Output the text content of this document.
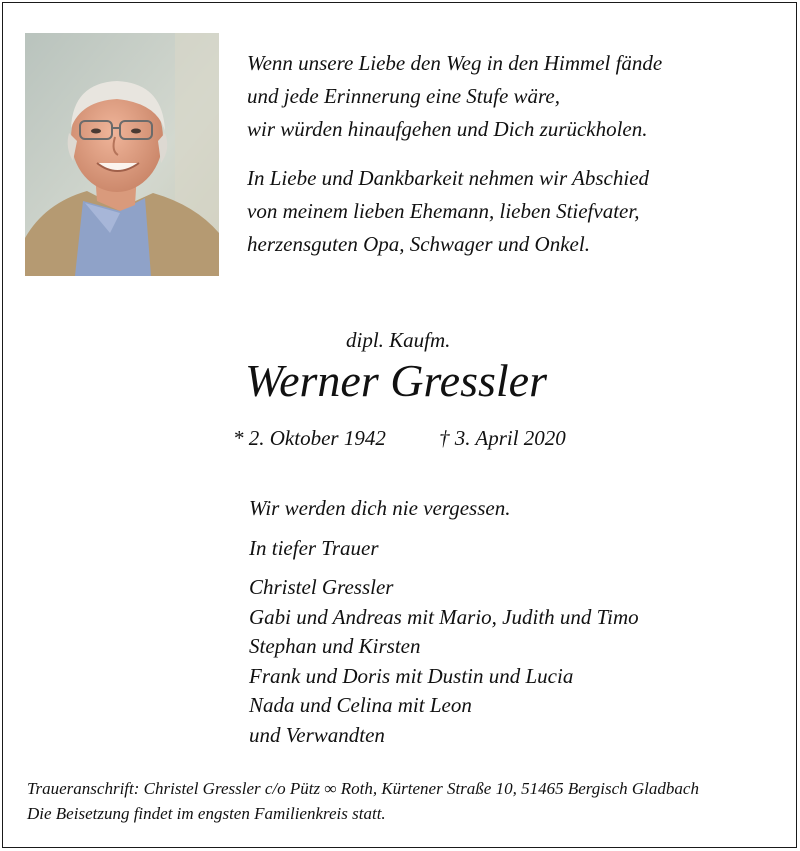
Wenn unsere Liebe den Weg in den Himmel fände
und jede Erinnerung eine Stufe wäre,
wir würden hinaufgehen und Dich zurückholen.

In Liebe und Dankbarkeit nehmen wir Abschied
von meinem lieben Ehemann, lieben Stiefvater,
herzensguten Opa, Schwager und Onkel.

dipl. Kaufm.
Werner Gressler
* 2. Oktober 1942	† 3. April 2020
Wir werden dich nie vergessen.
In tiefer Trauer
Christel Gressler
Gabi und Andreas mit Mario, Judith und Timo
Stephan und Kirsten
Frank und Doris mit Dustin und Lucia
Nada und Celina mit Leon
und Verwandten
Traueranschrift: Christel Gressler c/o Pütz ∞ Roth, Kürtener Straße 10, 51465 Bergisch Gladbach
Die Beisetzung findet im engsten Familienkreis statt.
